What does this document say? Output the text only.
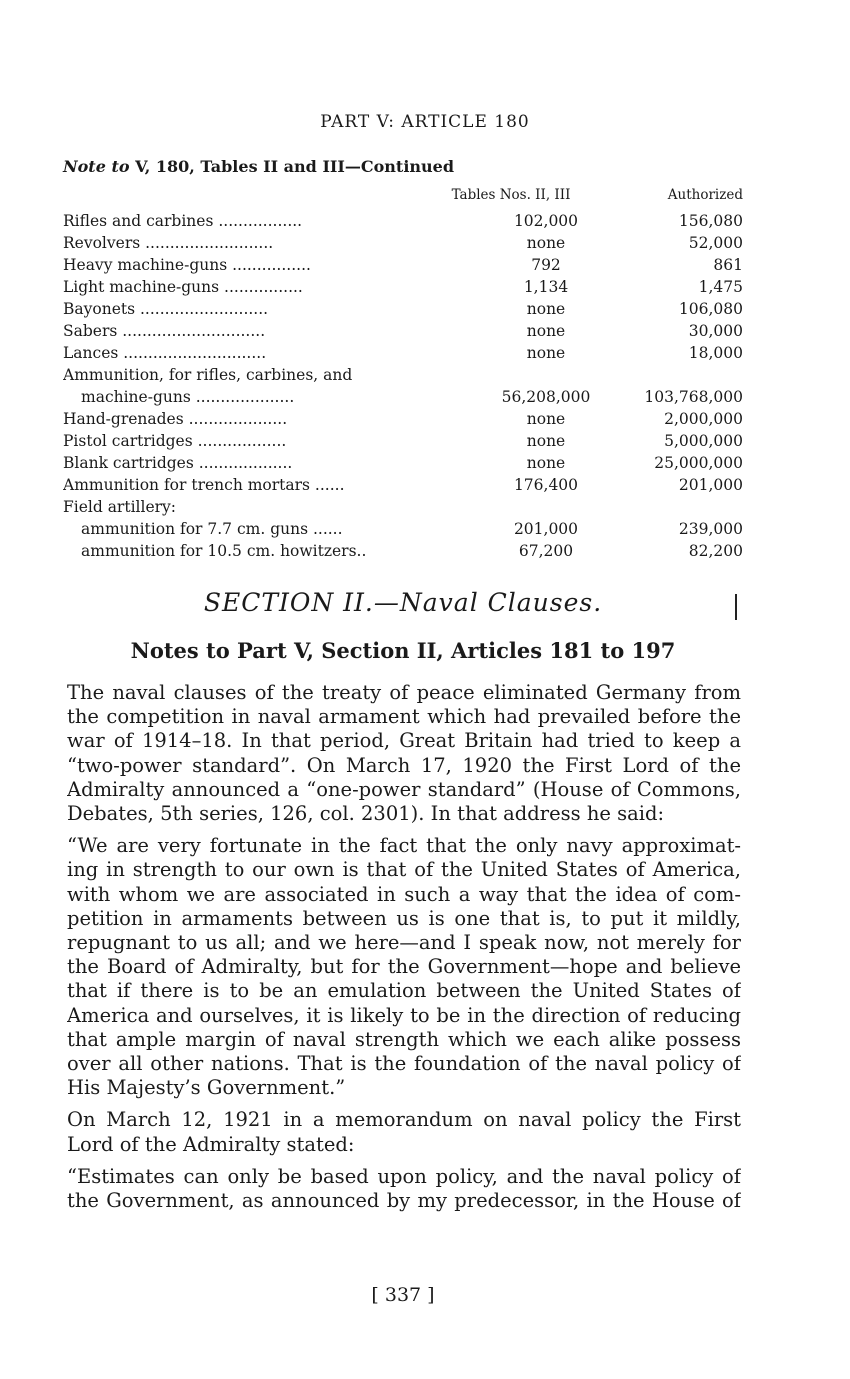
PART V: ARTICLE 180
Note to V, 180, Tables II and III—Continued
	Tables Nos. II, III	Authorized
Rifles and carbines .................	102,000	156,080
Revolvers ..........................	none	52,000
Heavy machine-guns ................	792	861
Light machine-guns ................	1,134	1,475
Bayonets ..........................	none	106,080
Sabers .............................	none	30,000
Lances .............................	none	18,000
Ammunition, for rifles, carbines, and		
machine-guns ....................	56,208,000	103,768,000
Hand-grenades ....................	none	2,000,000
Pistol cartridges ..................	none	5,000,000
Blank cartridges ...................	none	25,000,000
Ammunition for trench mortars ......	176,400	201,000
Field artillery:		
ammunition for 7.7 cm. guns ......	201,000	239,000
ammunition for 10.5 cm. howitzers..	67,200	82,200
SECTION II.—Naval Clauses.
Notes to Part V, Section II, Articles 181 to 197
The naval clauses of the treaty of peace eliminated Germany from
the competition in naval armament which had prevailed before the
war of 1914–18. In that period, Great Britain had tried to keep a
“two-power standard”. On March 17, 1920 the First Lord of the
Admiralty announced a “one-power standard” (House of Commons,
Debates, 5th series, 126, col. 2301). In that address he said:
“We are very fortunate in the fact that the only navy approximat-
ing in strength to our own is that of the United States of America,
with whom we are associated in such a way that the idea of com-
petition in armaments between us is one that is, to put it mildly,
repugnant to us all; and we here—and I speak now, not merely for
the Board of Admiralty, but for the Government—hope and believe
that if there is to be an emulation between the United States of
America and ourselves, it is likely to be in the direction of reducing
that ample margin of naval strength which we each alike possess
over all other nations. That is the foundation of the naval policy of
His Majesty’s Government.”
On March 12, 1921 in a memorandum on naval policy the First
Lord of the Admiralty stated:
“Estimates can only be based upon policy, and the naval policy of
the Government, as announced by my predecessor, in the House of
[ 337 ]
